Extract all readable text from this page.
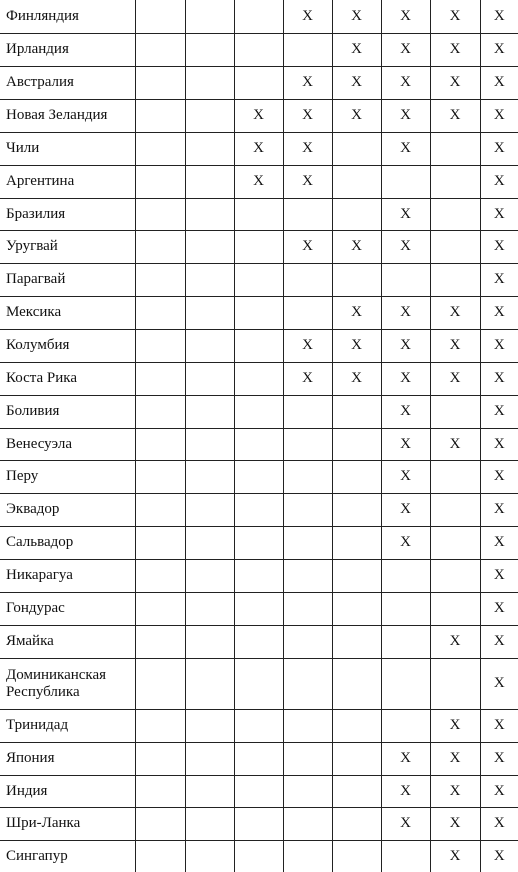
Финляндия				X	X	X	X	X
Ирландия					X	X	X	X
Австралия				X	X	X	X	X
Новая Зеландия			X	X	X	X	X	X
Чили			X	X		X		X
Аргентина			X	X				X
Бразилия						X		X
Уругвай				X	X	X		X
Парагвай								X
Мексика					X	X	X	X
Колумбия				X	X	X	X	X
Коста Рика				X	X	X	X	X
Боливия						X		X
Венесуэла						X	X	X
Перу						X		X
Эквадор						X		X
Сальвадор						X		X
Никарагуа								X
Гондурас								X
Ямайка							X	X

Доминиканская
Республика								X
Тринидад							X	X
Япония						X	X	X
Индия						X	X	X
Шри-Ланка						X	X	X
Сингапур							X	X
